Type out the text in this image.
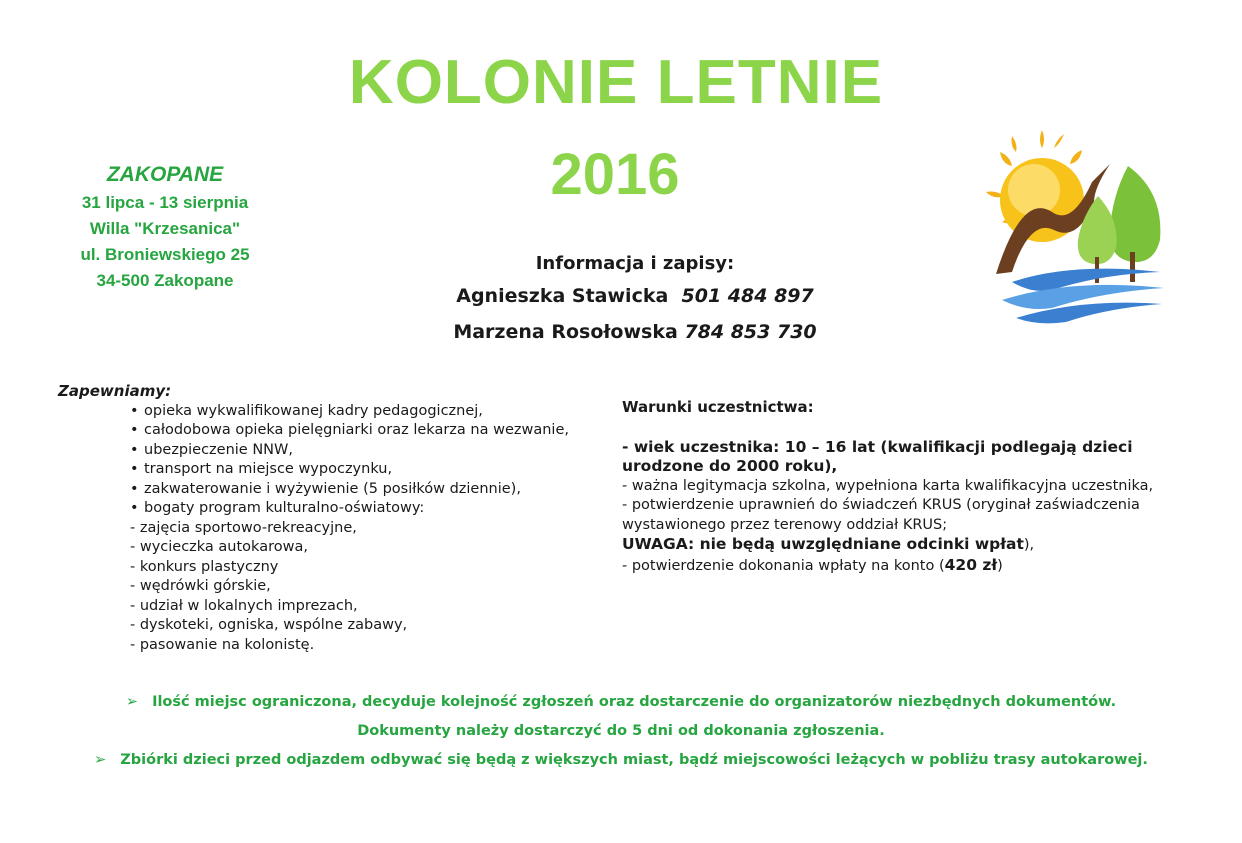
KOLONIE LETNIE
2016
ZAKOPANE
31 lipca - 13 sierpnia
Willa "Krzesanica"
ul. Broniewskiego 25
34-500 Zakopane
Informacja i zapisy:
Agnieszka Stawicka 501 484 897
Marzena Rosołowska 784 853 730
Zapewniamy:
• opieka wykwalifikowanej kadry pedagogicznej,
• całodobowa opieka pielęgniarki oraz lekarza na wezwanie,
• ubezpieczenie NNW,
• transport na miejsce wypoczynku,
• zakwaterowanie i wyżywienie (5 posiłków dziennie),
• bogaty program kulturalno-oświatowy:
- zajęcia sportowo-rekreacyjne,
- wycieczka autokarowa,
- konkurs plastyczny
- wędrówki górskie,
- udział w lokalnych imprezach,
- dyskoteki, ogniska, wspólne zabawy,
- pasowanie na kolonistę.
Warunki uczestnictwa:
- wiek uczestnika: 10 – 16 lat (kwalifikacji podlegają dzieci urodzone do 2000 roku),
- ważna legitymacja szkolna, wypełniona karta kwalifikacyjna uczestnika,
- potwierdzenie uprawnień do świadczeń KRUS (oryginał zaświadczenia wystawionego przez terenowy oddział KRUS;
UWAGA: nie będą uwzględniane odcinki wpłat),
- potwierdzenie dokonania wpłaty na konto (420 zł)
➢ Ilość miejsc ograniczona, decyduje kolejność zgłoszeń oraz dostarczenie do organizatorów niezbędnych dokumentów.
Dokumenty należy dostarczyć do 5 dni od dokonania zgłoszenia.
➢ Zbiórki dzieci przed odjazdem odbywać się będą z większych miast, bądź miejscowości leżących w pobliżu trasy autokarowej.
